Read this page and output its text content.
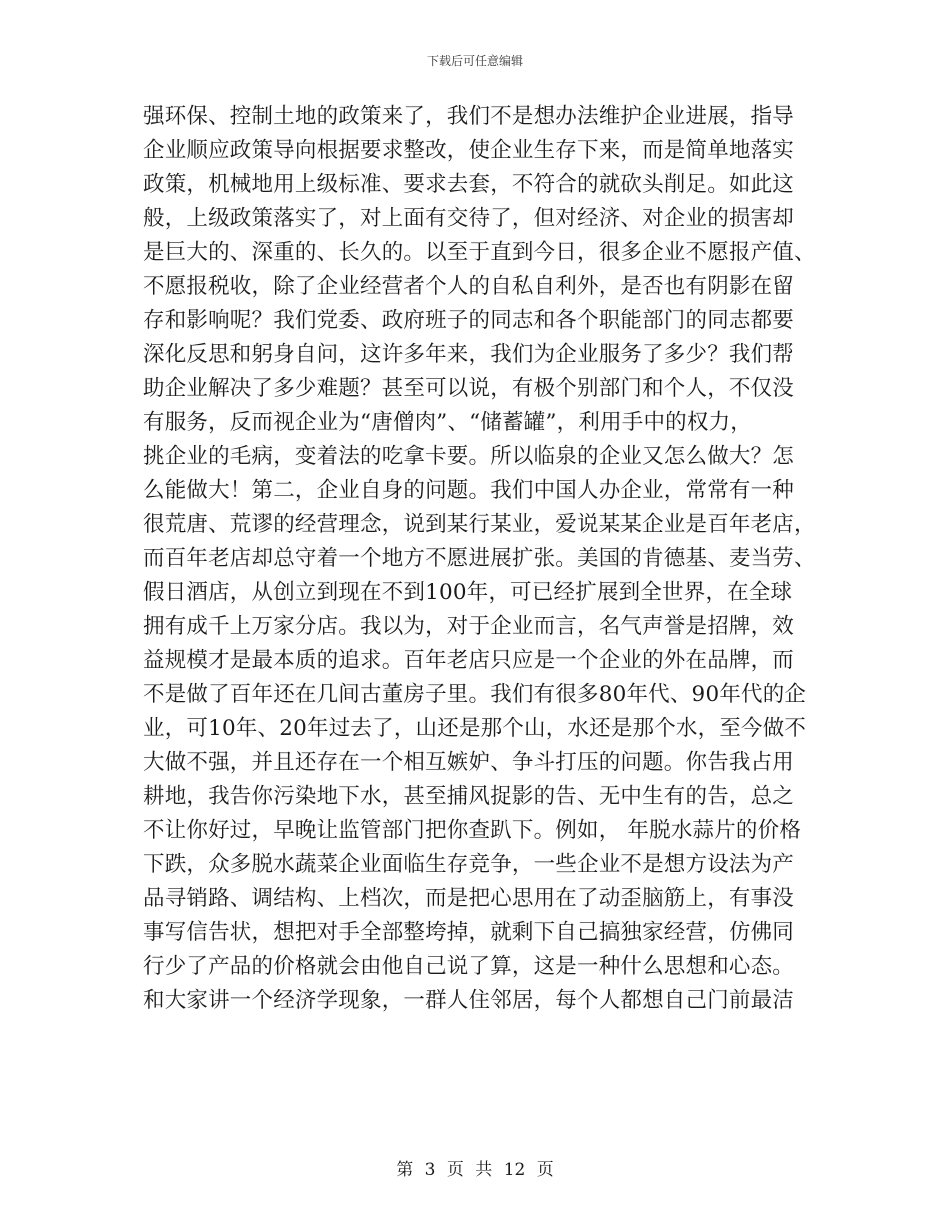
下载后可任意编辑
强环保、控制土地的政策来了，我们不是想办法维护企业进展，指导
企业顺应政策导向根据要求整改，使企业生存下来，而是简单地落实
政策，机械地用上级标准、要求去套，不符合的就砍头削足。如此这
般，上级政策落实了，对上面有交待了，但对经济、对企业的损害却
是巨大的、深重的、长久的。以至于直到今日，很多企业不愿报产值、
不愿报税收，除了企业经营者个人的自私自利外，是否也有阴影在留
存和影响呢？我们党委、政府班子的同志和各个职能部门的同志都要
深化反思和躬身自问，这许多年来，我们为企业服务了多少？我们帮
助企业解决了多少难题？甚至可以说，有极个别部门和个人，不仅没
有服务，反而视企业为“唐僧肉”、“储蓄罐”，利用手中的权力，
挑企业的毛病，变着法的吃拿卡要。所以临泉的企业又怎么做大？怎
么能做大！第二，企业自身的问题。我们中国人办企业，常常有一种
很荒唐、荒谬的经营理念，说到某行某业，爱说某某企业是百年老店，
而百年老店却总守着一个地方不愿进展扩张。美国的肯德基、麦当劳、
假日酒店，从创立到现在不到100年，可已经扩展到全世界，在全球
拥有成千上万家分店。我以为，对于企业而言，名气声誉是招牌，效
益规模才是最本质的追求。百年老店只应是一个企业的外在品牌，而
不是做了百年还在几间古董房子里。我们有很多80年代、90年代的企
业，可10年、20年过去了，山还是那个山，水还是那个水，至今做不
大做不强，并且还存在一个相互嫉妒、争斗打压的问题。你告我占用
耕地，我告你污染地下水，甚至捕风捉影的告、无中生有的告，总之
不让你好过，早晚让监管部门把你查趴下。例如， 年脱水蒜片的价格
下跌，众多脱水蔬菜企业面临生存竞争，一些企业不是想方设法为产
品寻销路、调结构、上档次，而是把心思用在了动歪脑筋上，有事没
事写信告状，想把对手全部整垮掉，就剩下自己搞独家经营，仿佛同
行少了产品的价格就会由他自己说了算，这是一种什么思想和心态。
和大家讲一个经济学现象，一群人住邻居，每个人都想自己门前最洁
第 3 页 共 12 页
